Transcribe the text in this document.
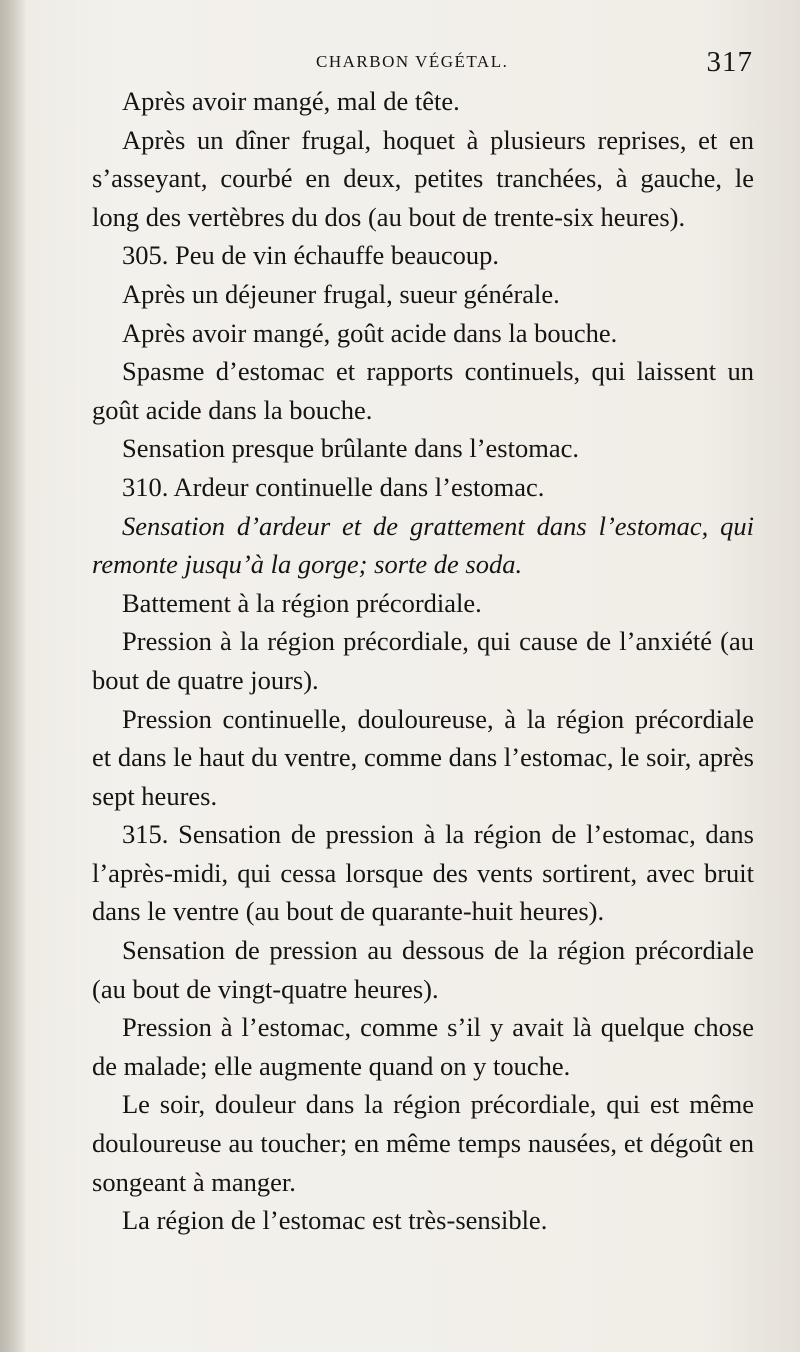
CHARBON VÉGÉTAL.	317

Après avoir mangé, mal de tête.

Après un dîner frugal, hoquet à plusieurs reprises, et en s’asseyant, courbé en deux, petites tranchées, à gauche, le long des vertèbres du dos (au bout de trente-six heures).

305. Peu de vin échauffe beaucoup.

Après un déjeuner frugal, sueur générale.

Après avoir mangé, goût acide dans la bouche.

Spasme d’estomac et rapports continuels, qui laissent un goût acide dans la bouche.

Sensation presque brûlante dans l’estomac.

310. Ardeur continuelle dans l’estomac.

Sensation d’ardeur et de grattement dans l’estomac, qui remonte jusqu’à la gorge; sorte de soda.

Battement à la région précordiale.

Pression à la région précordiale, qui cause de l’anxiété (au bout de quatre jours).

Pression continuelle, douloureuse, à la région précordiale et dans le haut du ventre, comme dans l’estomac, le soir, après sept heures.

315. Sensation de pression à la région de l’estomac, dans l’après-midi, qui cessa lorsque des vents sortirent, avec bruit dans le ventre (au bout de quarante-huit heures).

Sensation de pression au dessous de la région précordiale (au bout de vingt-quatre heures).

Pression à l’estomac, comme s’il y avait là quelque chose de malade; elle augmente quand on y touche.

Le soir, douleur dans la région précordiale, qui est même douloureuse au toucher; en même temps nausées, et dégoût en songeant à manger.

La région de l’estomac est très-sensible.
